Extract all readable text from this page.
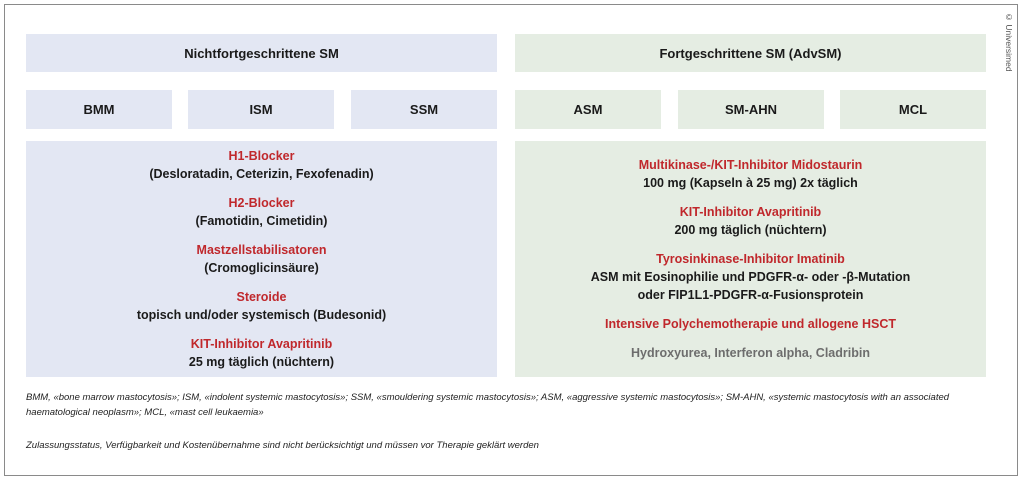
Nichtfortgeschrittene SM	Fortgeschrittene SM (AdvSM)
BMM	ISM	SSM	ASM	SM-AHN	MCL
H1-Blocker
(Desloratadin, Ceterizin, Fexofenadin)
H2-Blocker
(Famotidin, Cimetidin)
Mastzellstabilisatoren
(Cromoglicinsäure)
Steroide
topisch und/oder systemisch (Budesonid)
KIT-Inhibitor Avapritinib
25 mg täglich (nüchtern)
Multikinase-/KIT-Inhibitor Midostaurin
100 mg (Kapseln à 25 mg) 2x täglich
KIT-Inhibitor Avapritinib
200 mg täglich (nüchtern)
Tyrosinkinase-Inhibitor Imatinib
ASM mit Eosinophilie und PDGFR-α- oder -β-Mutation
oder FIP1L1-PDGFR-α-Fusionsprotein
Intensive Polychemotherapie und allogene HSCT
Hydroxyurea, Interferon alpha, Cladribin
BMM, «bone marrow mastocytosis»; ISM, «indolent systemic mastocytosis»; SSM, «smouldering systemic mastocytosis»; ASM, «aggressive systemic mastocytosis»; SM-AHN, «systemic mastocytosis with an associated
haematological neoplasm»; MCL, «mast cell leukaemia»
Zulassungsstatus, Verfügbarkeit und Kostenübernahme sind nicht berücksichtigt und müssen vor Therapie geklärt werden
© Universimed
